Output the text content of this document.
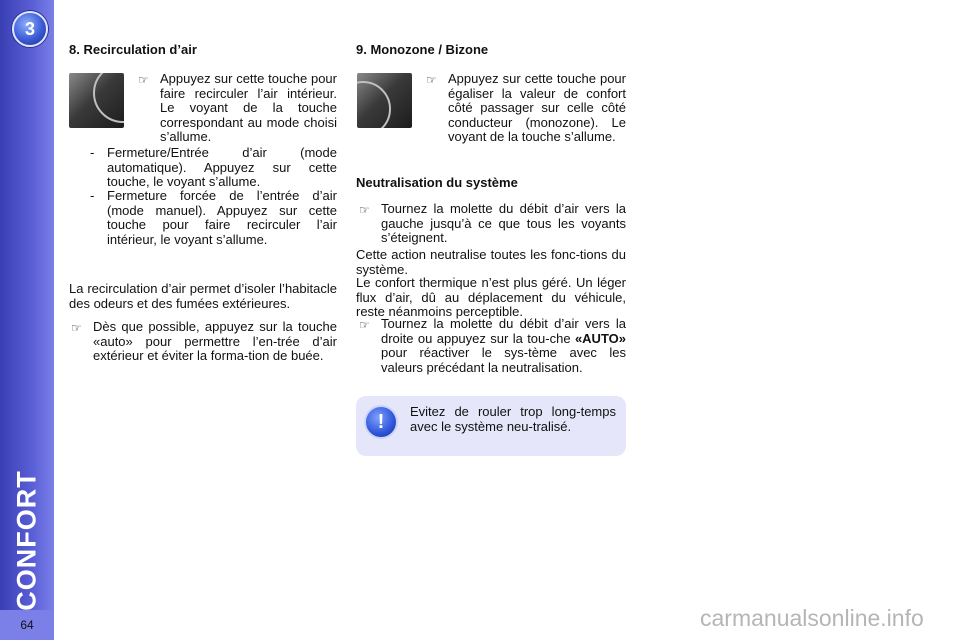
3
CONFORT
64
8. Recirculation d’air
☞ Appuyez sur cette touche pour faire recirculer l’air intérieur. Le voyant de la touche correspondant au mode choisi s’allume.

- Fermeture/Entrée d’air (mode automatique). Appuyez sur cette touche, le voyant s’allume.

- Fermeture forcée de l’entrée d’air (mode manuel). Appuyez sur cette touche pour faire recirculer l’air intérieur, le voyant s’allume.

La recirculation d’air permet d’isoler l’habitacle des odeurs et des fumées extérieures.

☞ Dès que possible, appuyez sur la touche «auto» pour permettre l’en-trée d’air extérieur et éviter la forma-tion de buée.

9. Monozone / Bizone
☞ Appuyez sur cette touche pour égaliser la valeur de confort côté passager sur celle côté conducteur (monozone). Le voyant de la touche s’allume.

Neutralisation du système
☞ Tournez la molette du débit d’air vers la gauche jusqu’à ce que tous les voyants s’éteignent.

Cette action neutralise toutes les fonc-tions du système.

Le confort thermique n’est plus géré. Un léger flux d’air, dû au déplacement du véhicule, reste néanmoins perceptible.

☞ Tournez la molette du débit d’air vers la droite ou appuyez sur la tou-che «AUTO» pour réactiver le sys-tème avec les valeurs précédant la neutralisation.

!	Evitez de rouler trop long-temps avec le système neu-tralisé.

carmanualsonline.info
